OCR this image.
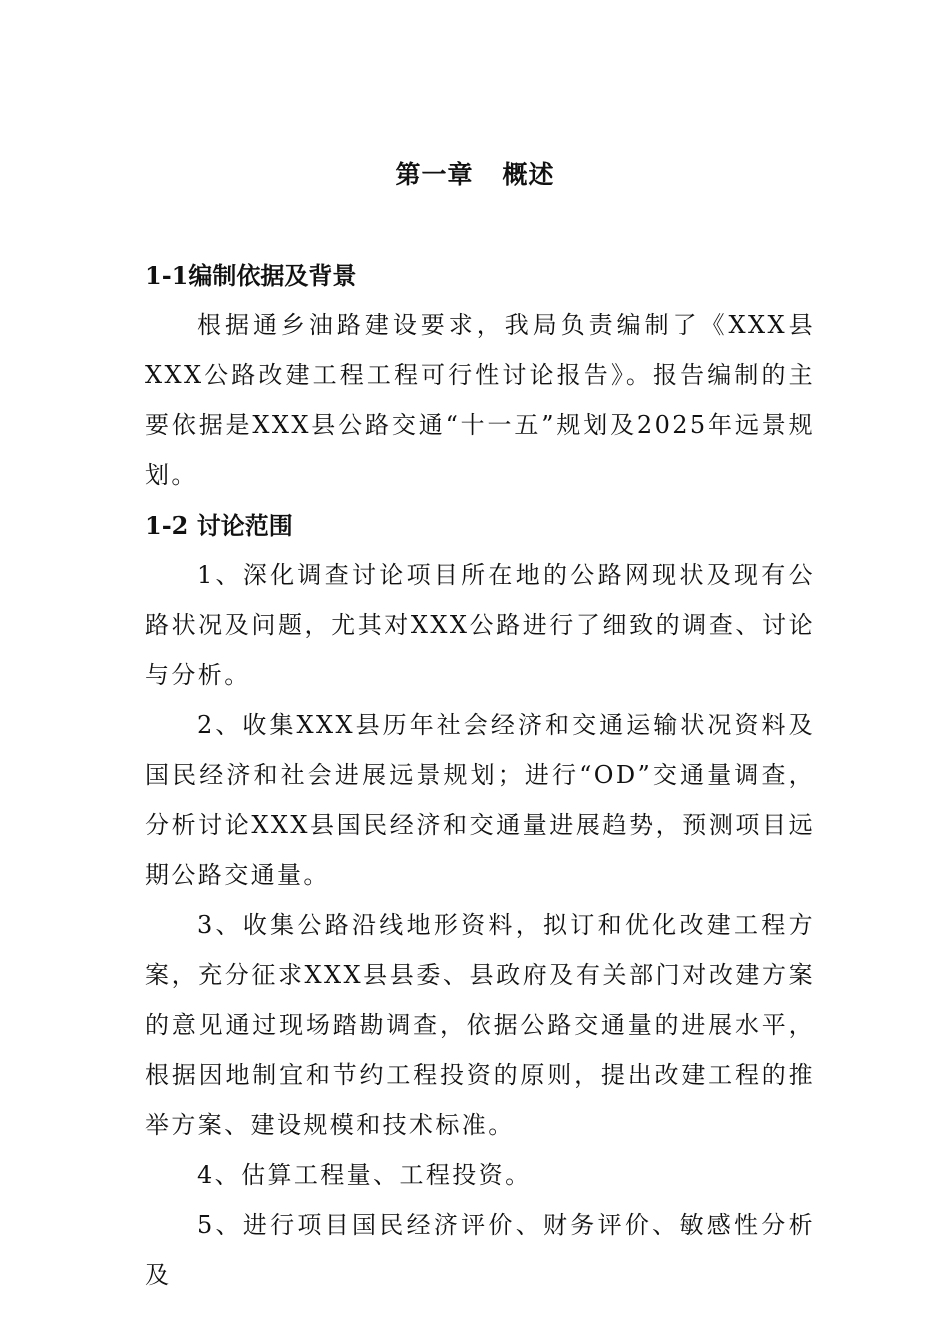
第一章   概述
1-1编制依据及背景

根据通乡油路建设要求，我局负责编制了《XXX县XXX公路改建工程工程可行性讨论报告》。报告编制的主要依据是XXX县公路交通“十一五”规划及2025年远景规划。

1-2 讨论范围

1、深化调查讨论项目所在地的公路网现状及现有公路状况及问题，尤其对XXX公路进行了细致的调查、讨论与分析。

2、收集XXX县历年社会经济和交通运输状况资料及国民经济和社会进展远景规划；进行“OD”交通量调查，分析讨论XXX县国民经济和交通量进展趋势，预测项目远期公路交通量。

3、收集公路沿线地形资料，拟订和优化改建工程方案，充分征求XXX县县委、县政府及有关部门对改建方案的意见通过现场踏勘调查，依据公路交通量的进展水平，根据因地制宜和节约工程投资的原则，提出改建工程的推举方案、建设规模和技术标准。

4、估算工程量、工程投资。

5、进行项目国民经济评价、财务评价、敏感性分析及
